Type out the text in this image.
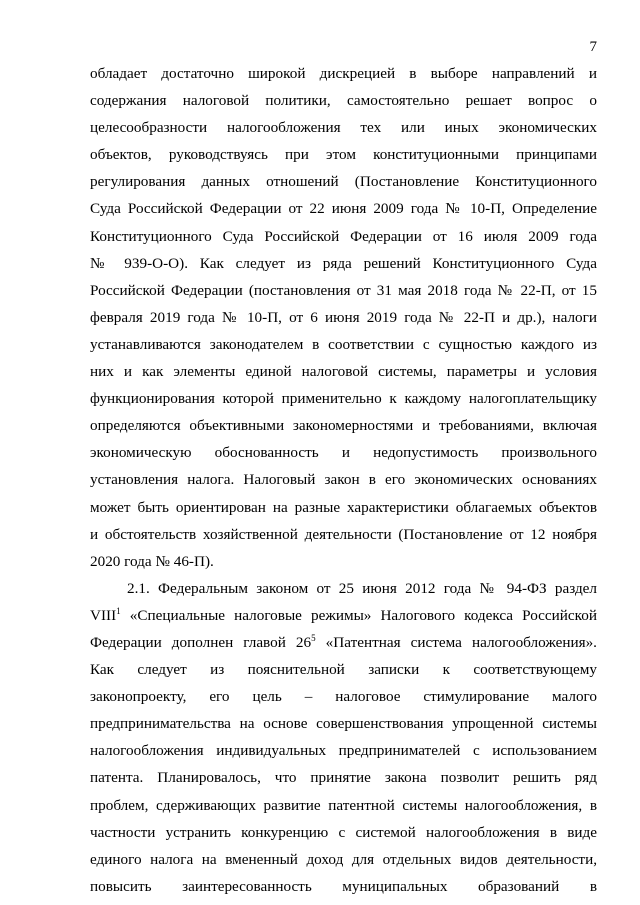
7
обладает достаточно широкой дискрецией в выборе направлений и
содержания налоговой политики, самостоятельно решает вопрос о
целесообразности налогообложения тех или иных экономических
объектов, руководствуясь при этом конституционными принципами
регулирования данных отношений (Постановление Конституционного
Суда Российской Федерации от 22 июня 2009 года № 10-П, Определение
Конституционного Суда Российской Федерации от 16 июля 2009 года
№ 939-О-О). Как следует из ряда решений Конституционного Суда
Российской Федерации (постановления от 31 мая 2018 года № 22-П, от 15
февраля 2019 года № 10-П, от 6 июня 2019 года № 22-П и др.), налоги
устанавливаются законодателем в соответствии с сущностью каждого из
них и как элементы единой налоговой системы, параметры и условия
функционирования которой применительно к каждому налогоплательщику
определяются объективными закономерностями и требованиями, включая
экономическую обоснованность и недопустимость произвольного
установления налога. Налоговый закон в его экономических основаниях
может быть ориентирован на разные характеристики облагаемых объектов
и обстоятельств хозяйственной деятельности (Постановление от 12 ноября
2020 года № 46-П).
2.1. Федеральным законом от 25 июня 2012 года № 94-ФЗ раздел
VIII$^1$ «Специальные налоговые режимы» Налогового кодекса Российской
Федерации дополнен главой $26^5$ «Патентная система налогообложения».
Как следует из пояснительной записки к соответствующему
законопроекту, его цель – налоговое стимулирование малого
предпринимательства на основе совершенствования упрощенной системы
налогообложения индивидуальных предпринимателей с использованием
патента. Планировалось, что принятие закона позволит решить ряд
проблем, сдерживающих развитие патентной системы налогообложения, в
частности устранить конкуренцию с системой налогообложения в виде
единого налога на вмененный доход для отдельных видов деятельности,
повысить заинтересованность муниципальных образований в
